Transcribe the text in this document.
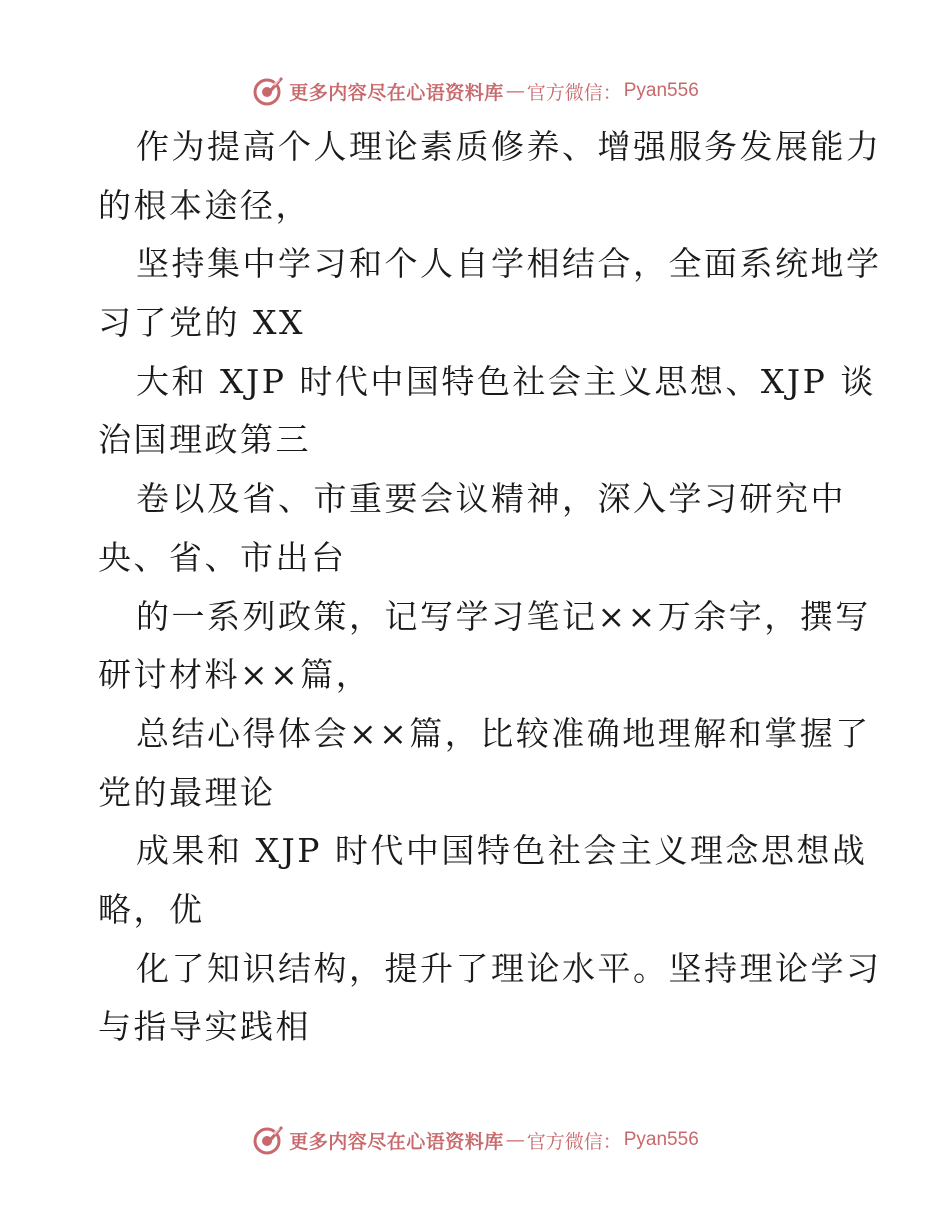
更多内容尽在心语资料库 — 官方微信： Pyan556
作为提高个人理论素质修养、增强服务发展能力
的根本途径，
坚持集中学习和个人自学相结合，全面系统地学
习了党的 XX
大和 XJP 时代中国特色社会主义思想、XJP 谈
治国理政第三
卷以及省、市重要会议精神，深入学习研究中
央、省、市出台
的一系列政策，记写学习笔记××万余字，撰写
研讨材料××篇，
总结心得体会××篇，比较准确地理解和掌握了
党的最理论
成果和 XJP 时代中国特色社会主义理念思想战
略，优
化了知识结构，提升了理论水平。坚持理论学习
与指导实践相
更多内容尽在心语资料库 — 官方微信： Pyan556
